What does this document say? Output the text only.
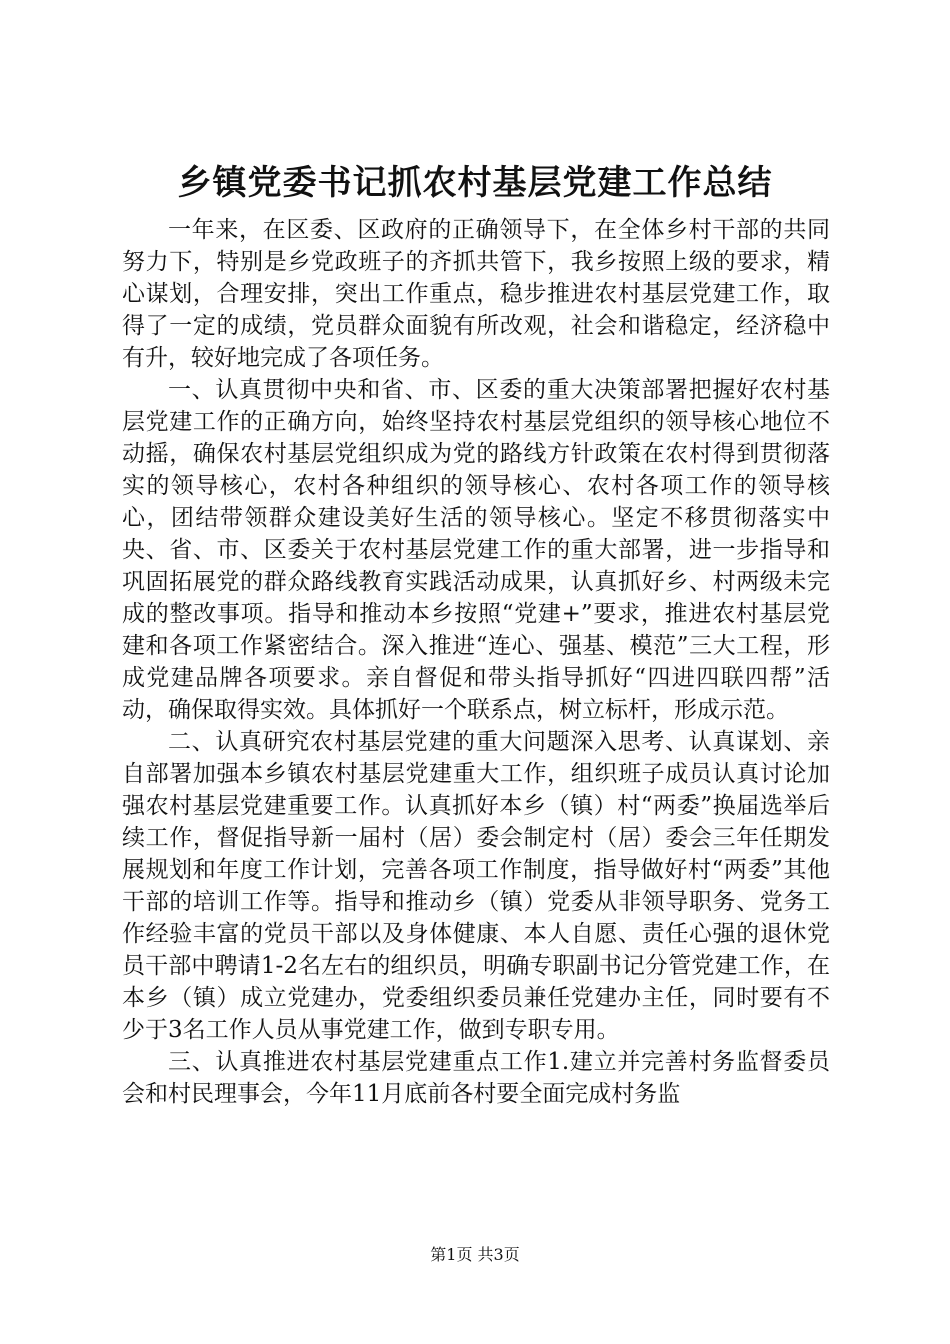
乡镇党委书记抓农村基层党建工作总结

一年来，在区委、区政府的正确领导下，在全体乡村干部的共同努力下，特别是乡党政班子的齐抓共管下，我乡按照上级的要求，精心谋划，合理安排，突出工作重点，稳步推进农村基层党建工作，取得了一定的成绩，党员群众面貌有所改观，社会和谐稳定，经济稳中有升，较好地完成了各项任务。

一、认真贯彻中央和省、市、区委的重大决策部署把握好农村基层党建工作的正确方向，始终坚持农村基层党组织的领导核心地位不动摇，确保农村基层党组织成为党的路线方针政策在农村得到贯彻落实的领导核心，农村各种组织的领导核心、农村各项工作的领导核心，团结带领群众建设美好生活的领导核心。坚定不移贯彻落实中央、省、市、区委关于农村基层党建工作的重大部署，进一步指导和巩固拓展党的群众路线教育实践活动成果，认真抓好乡、村两级未完成的整改事项。指导和推动本乡按照“党建+”要求，推进农村基层党建和各项工作紧密结合。深入推进“连心、强基、模范”三大工程，形成党建品牌各项要求。亲自督促和带头指导抓好“四进四联四帮”活动，确保取得实效。具体抓好一个联系点，树立标杆，形成示范。

二、认真研究农村基层党建的重大问题深入思考、认真谋划、亲自部署加强本乡镇农村基层党建重大工作，组织班子成员认真讨论加强农村基层党建重要工作。认真抓好本乡（镇）村“两委”换届选举后续工作，督促指导新一届村（居）委会制定村（居）委会三年任期发展规划和年度工作计划，完善各项工作制度，指导做好村“两委”其他干部的培训工作等。指导和推动乡（镇）党委从非领导职务、党务工作经验丰富的党员干部以及身体健康、本人自愿、责任心强的退休党员干部中聘请1-2名左右的组织员，明确专职副书记分管党建工作，在本乡（镇）成立党建办，党委组织委员兼任党建办主任，同时要有不少于3名工作人员从事党建工作，做到专职专用。

三、认真推进农村基层党建重点工作1.建立并完善村务监督委员会和村民理事会，今年11月底前各村要全面完成村务监

第1页 共3页
